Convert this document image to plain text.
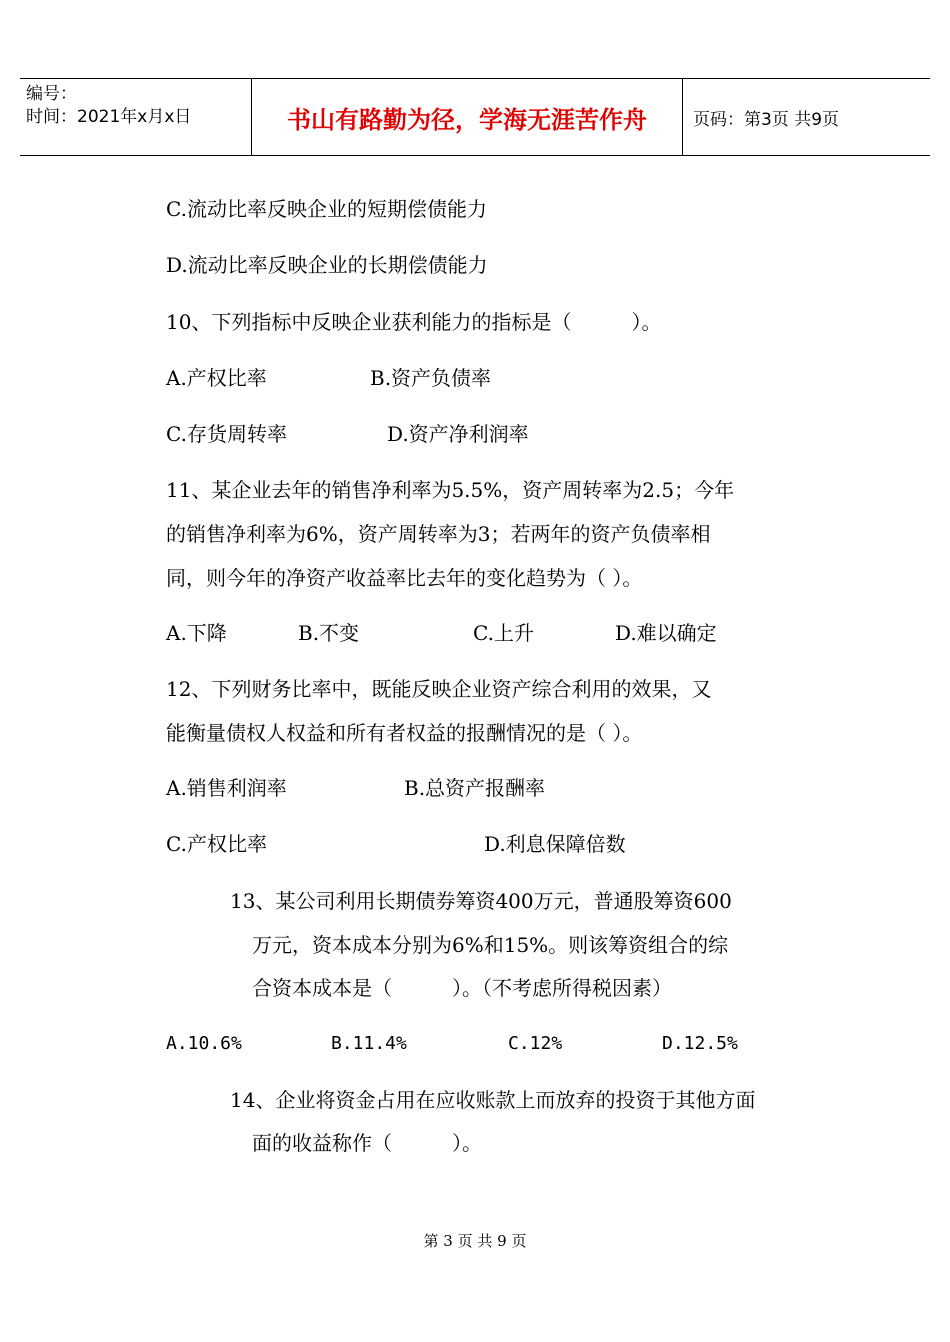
编号：
时间：2021年x月x日	书山有路勤为径，学海无涯苦作舟	页码：第3页 共9页
C.流动比率反映企业的短期偿债能力
D.流动比率反映企业的长期偿债能力
10、下列指标中反映企业获利能力的指标是（　　　）。
A.产权比率	B.资产负债率
C.存货周转率	D.资产净利润率
11、某企业去年的销售净利率为5.5%，资产周转率为2.5；今年
的销售净利率为6%，资产周转率为3；若两年的资产负债率相
同，则今年的净资产收益率比去年的变化趋势为（ ）。
A.下降	B.不变	C.上升	D.难以确定
12、下列财务比率中，既能反映企业资产综合利用的效果，又
能衡量债权人权益和所有者权益的报酬情况的是（ ）。
A.销售利润率	B.总资产报酬率
C.产权比率	D.利息保障倍数
13、某公司利用长期债券筹资400万元，普通股筹资600
万元，资本成本分别为6%和15%。则该筹资组合的综
合资本成本是（　　　）。（不考虑所得税因素）
A.10.6%	B.11.4%	C.12%	D.12.5%
14、企业将资金占用在应收账款上而放弃的投资于其他方面
面的收益称作（　　　）。
第 3 页 共 9 页
